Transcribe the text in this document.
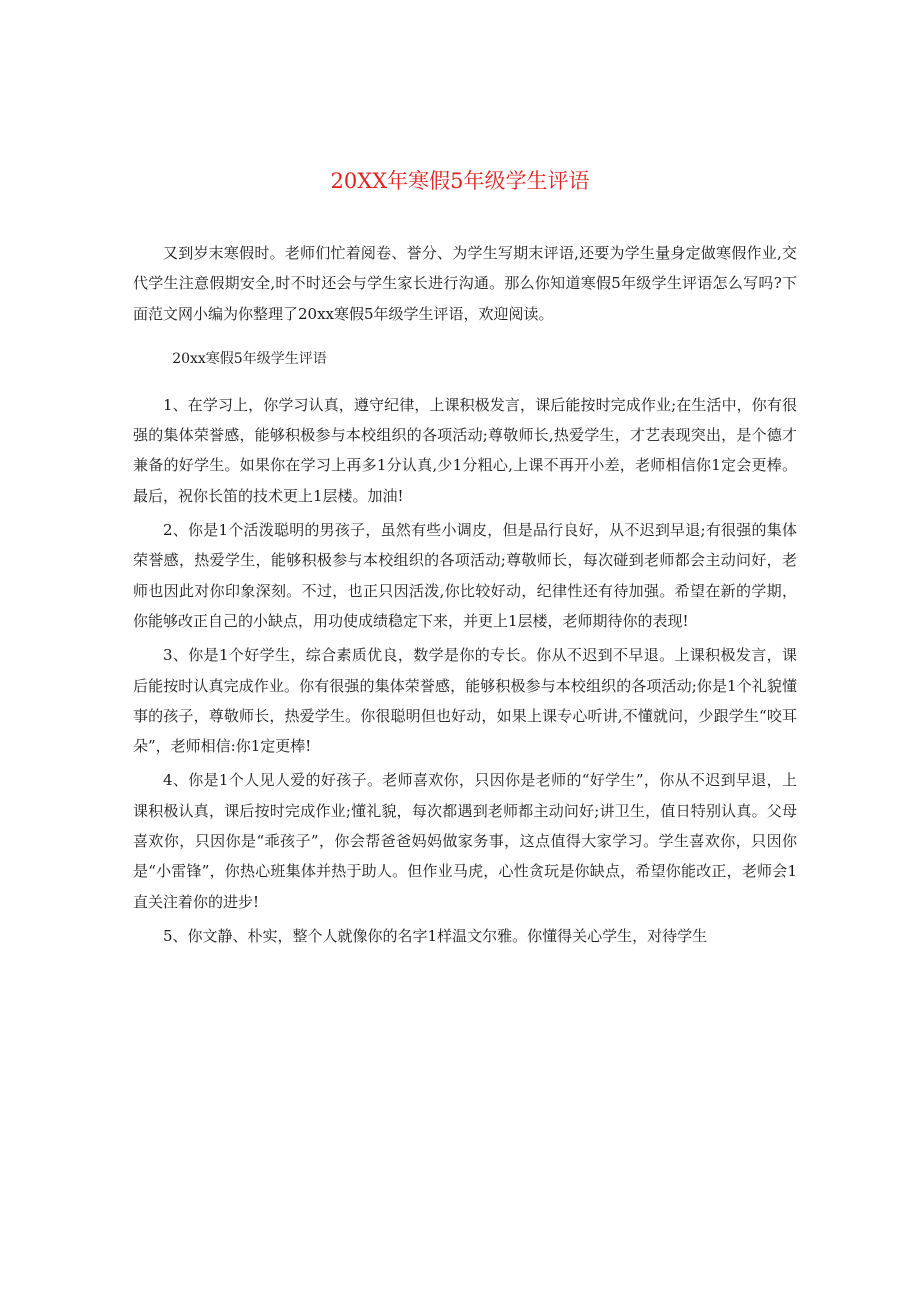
20XX年寒假5年级学生评语

又到岁末寒假时。老师们忙着阅卷、誉分、为学生写期末评语,还要为学生量身定做寒假作业,交代学生注意假期安全,时不时还会与学生家长进行沟通。那么你知道寒假5年级学生评语怎么写吗?下面范文网小编为你整理了20xx寒假5年级学生评语，欢迎阅读。

20xx寒假5年级学生评语

1、在学习上，你学习认真，遵守纪律，上课积极发言，课后能按时完成作业;在生活中，你有很强的集体荣誉感，能够积极参与本校组织的各项活动;尊敬师长,热爱学生，才艺表现突出，是个德才兼备的好学生。如果你在学习上再多1分认真,少1分粗心,上课不再开小差，老师相信你1定会更棒。最后，祝你长笛的技术更上1层楼。加油!

2、你是1个活泼聪明的男孩子，虽然有些小调皮，但是品行良好，从不迟到早退;有很强的集体荣誉感，热爱学生，能够积极参与本校组织的各项活动;尊敬师长，每次碰到老师都会主动问好，老师也因此对你印象深刻。不过，也正只因活泼,你比较好动，纪律性还有待加强。希望在新的学期，你能够改正自己的小缺点，用功使成绩稳定下来，并更上1层楼，老师期待你的表现!

3、你是1个好学生，综合素质优良，数学是你的专长。你从不迟到不早退。上课积极发言，课后能按时认真完成作业。你有很强的集体荣誉感，能够积极参与本校组织的各项活动;你是1个礼貌懂事的孩子，尊敬师长，热爱学生。你很聪明但也好动，如果上课专心听讲,不懂就问，少跟学生“咬耳朵”，老师相信:你1定更棒!

4、你是1个人见人爱的好孩子。老师喜欢你，只因你是老师的“好学生”，你从不迟到早退，上课积极认真，课后按时完成作业;懂礼貌，每次都遇到老师都主动问好;讲卫生，值日特别认真。父母喜欢你，只因你是“乖孩子”，你会帮爸爸妈妈做家务事，这点值得大家学习。学生喜欢你，只因你是“小雷锋”，你热心班集体并热于助人。但作业马虎，心性贪玩是你缺点，希望你能改正，老师会1直关注着你的进步!

5、你文静、朴实，整个人就像你的名字1样温文尔雅。你懂得关心学生，对待学生
